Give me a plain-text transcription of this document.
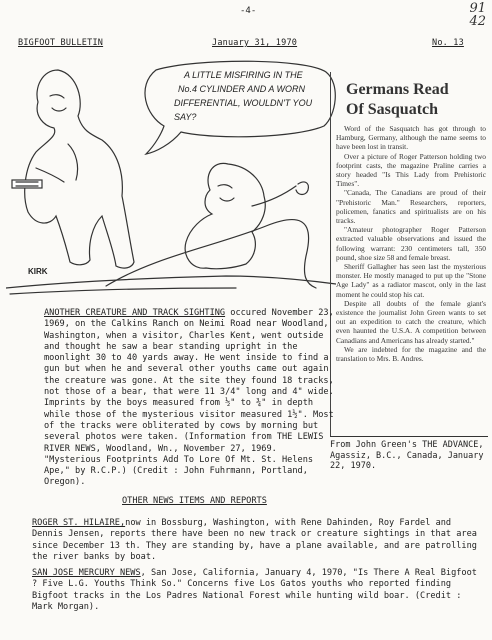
-4-	91
42
BIGFOOT BULLETIN	January 31, 1970	No. 13
A LITTLE MISFIRING IN THE
No.4 CYLINDER AND A WORN
DIFFERENTIAL, WOULDN'T YOU
SAY?
KIRK
Germans Read
Of Sasquatch

Word of the Sasquatch has got through to Hamburg, Germany, although the name seems to have been lost in transit.

Over a picture of Roger Patterson holding two footprint casts, the magazine Praline carries a story headed "Is This Lady from Prehistoric Times".

"Canada, The Canadians are proud of their "Prehistoric Man." Researchers, reporters, policemen, fanatics and spiritualists are on his tracks.

"Amateur photographer Roger Patterson extracted valuable observations and issued the following warrant: 230 centimeters tall, 350 pound, shoe size 58 and female breast.

Sheriff Gallagher has seen last the mysterious monster. He mostly managed to put up the "Stone Age Lady" as a radiator mascot, only in the last moment he could stop his cat.

Despite all doubts of the female giant's existence the journalist John Green wants to set out an expedition to catch the creature, which even haunted the U.S.A. A competition between Canadians and Americans has already started."

We are indebted for the magazine and the translation to Mrs. B. Andres.

From John Green's THE ADVANCE, Agassiz, B.C., Canada, January 22, 1970.
ANOTHER CREATURE AND TRACK SIGHTING occured November 23, 1969, on the Calkins Ranch on Neimi Road near Woodland, Washington, when a visitor, Charles Kent, went outside and thought he saw a bear standing upright in the moonlight 30 to 40 yards away. He went inside to find a gun but when he and several other youths came out again the creature was gone. At the site they found 18 tracks, not those of a bear, that were 11 3/4" long and 4" wide. Imprints by the boys measured from ½" to ¾" in depth while those of the mysterious visitor measured 1½". Most of the tracks were obliterated by cows by morning but several photos were taken. (Information from THE LEWIS RIVER NEWS, Woodland, Wn., November 27, 1969. "Mysterious Footprints Add To Lore Of Mt. St. Helens Ape," by R.C.P.) (Credit : John Fuhrmann, Portland, Oregon).
OTHER NEWS ITEMS AND REPORTS
ROGER ST. HILAIRE,now in Bossburg, Washington, with Rene Dahinden, Roy Fardel and Dennis Jensen, reports there have been no new track or creature sightings in that area since December 13 th. They are standing by, have a plane available, and are patrolling the river banks by boat.
SAN JOSE MERCURY NEWS, San Jose, California, January 4, 1970, "Is There A Real Bigfoot ? Five L.G. Youths Think So." Concerns five Los Gatos youths who reported finding Bigfoot tracks in the Los Padres National Forest while hunting wild boar. (Credit : Mark Morgan).
